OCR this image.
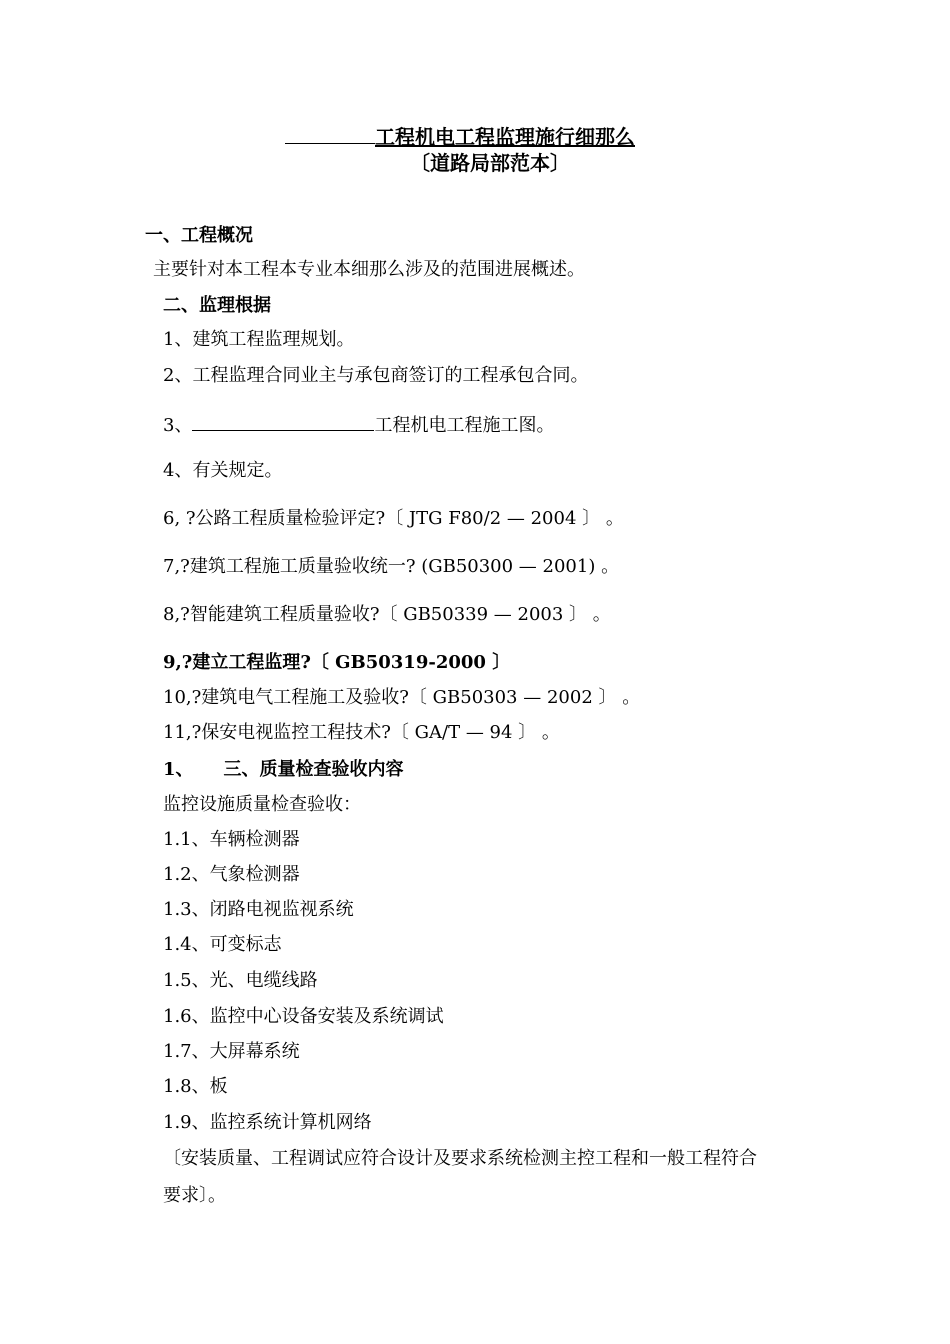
工程机电工程监理施行细那么
〔道路局部范本〕
一、工程概况
主要针对本工程本专业本细那么涉及的范围进展概述。
二、监理根据
1、建筑工程监理规划。
2、工程监理合同业主与承包商签订的工程承包合同。
3、	工程机电工程施工图。
4、有关规定。
6, ?公路工程质量检验评定?〔 JTG F80/2 — 2004 〕 。
7,?建筑工程施工质量验收统一? (GB50300 — 2001) 。
8,?智能建筑工程质量验收?〔 GB50339 — 2003 〕 。
9,?建立工程监理?〔 GB50319-2000 〕
10,?建筑电气工程施工及验收?〔 GB50303 — 2002 〕 。
11,?保安电视监控工程技术?〔 GA/T — 94 〕 。
1、 三、质量检查验收内容
监控设施质量检查验收：
1.1、车辆检测器
1.2、气象检测器
1.3、闭路电视监视系统
1.4、可变标志
1.5、光、电缆线路
1.6、监控中心设备安装及系统调试
1.7、大屏幕系统
1.8、板
1.9、监控系统计算机网络
〔安装质量、工程调试应符合设计及要求系统检测主控工程和一般工程符合
要求〕。
